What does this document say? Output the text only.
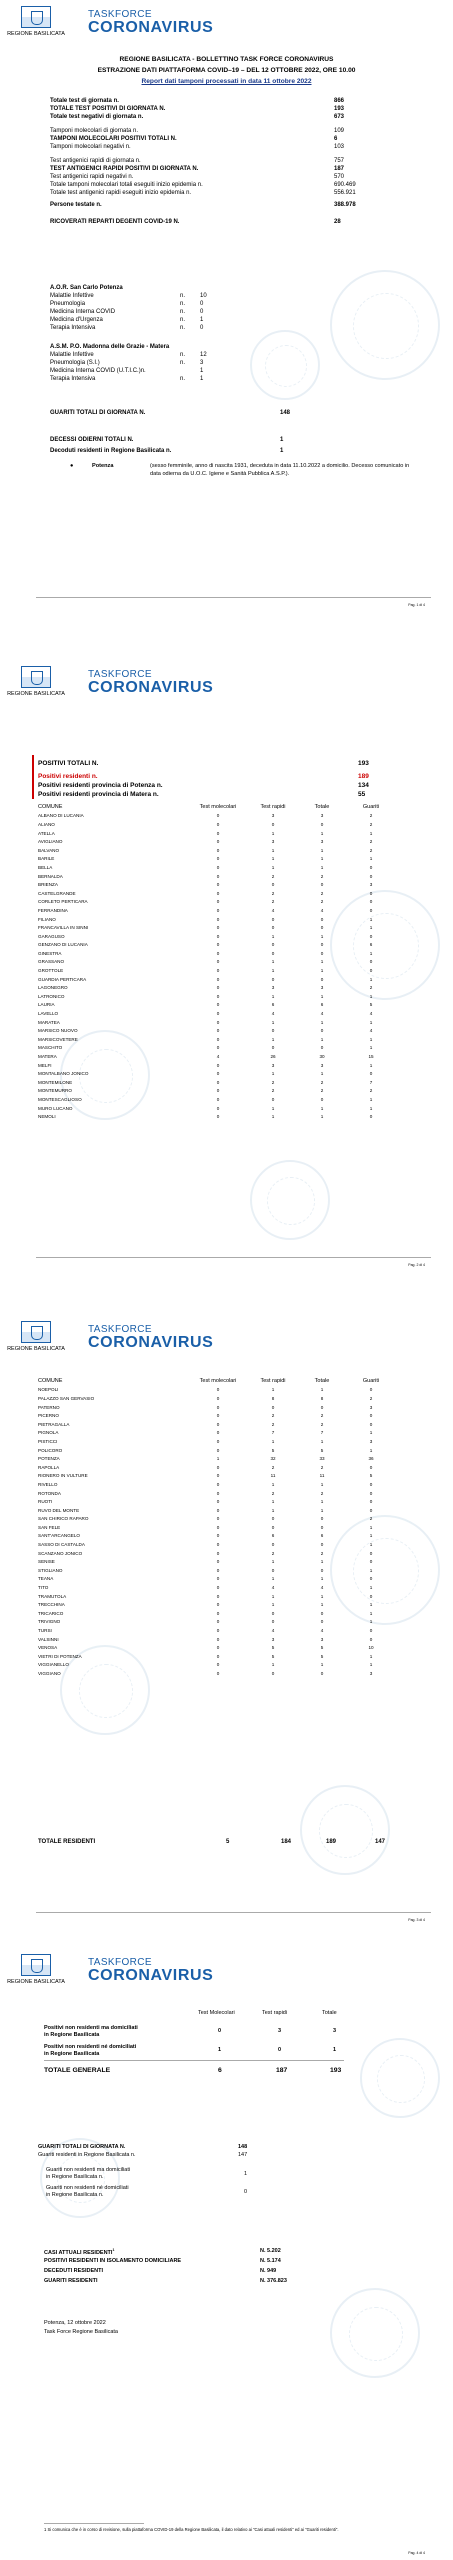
REGIONE BASILICATA
TASKFORCE
CORONAVIRUS
REGIONE BASILICATA - BOLLETTINO TASK FORCE CORONAVIRUS
ESTRAZIONE DATI PIATTAFORMA COVID–19 – DEL 12 OTTOBRE 2022, ORE 10.00
Report dati tamponi processati in data 11 ottobre 2022
Totale test di giornata n.	866
TOTALE TEST POSITIVI DI GIORNATA N.	193
Totale test negativi di giornata n.	673
Tamponi molecolari di giornata n.	109
TAMPONI MOLECOLARI POSITIVI TOTALI N.	6
Tamponi molecolari negativi n.	103
Test antigenici rapidi di giornata n.	757
TEST ANTIGENICI RAPIDI POSITIVI DI GIORNATA N.	187
Test antigenici rapidi negativi n.	570
Totale tamponi molecolari totali eseguiti inizio epidemia n.	690.469
Totale test antigenici rapidi eseguiti inizio epidemia n.	556.921
Persone testate n.	388.978
RICOVERATI REPARTI DEGENTI COVID-19 N.	28
A.O.R. San Carlo Potenza
Malattie Infettive	n. 10
Pneumologia	n. 0
Medicina Interna COVID	n. 0
Medicina d'Urgenza	n. 1
Terapia Intensiva	n. 0
A.S.M. P.O. Madonna delle Grazie - Matera
Malattie Infettive	n. 12
Pneumologia (S.I.)	n. 3
Medicina Interna COVID (U.T.I.C.)n.	1
Terapia Intensiva	n. 1
GUARITI TOTALI DI GIORNATA N.	148
DECESSI ODIERNI TOTALI N.	1
Decoduti residenti in Regione Basilicata n.	1
●	Potenza	(sesso femminile, anno di nascita 1931, deceduta in data 11.10.2022 a domicilio. Decesso comunicato in data odierna da U.O.C. Igiene e Sanità Pubblica A.S.P.).
Pag. 1 di 4
REGIONE BASILICATA
TASKFORCE
CORONAVIRUS
POSITIVI TOTALI N.	193
Positivi residenti n.	189
Positivi residenti provincia di Potenza n.	134
Positivi residenti provincia di Matera n.	55
COMUNE	Test molecolari	Test rapidi	Totale	Guariti
ALBANO DI LUCANIA	0	3	3	2
ALIANO	0	0	0	2
ATELLA	0	1	1	1
AVIGLIANO	0	3	3	2
BALVANO	0	1	1	2
BARILE	0	1	1	1
BELLA	0	1	1	0
BERNALDA	0	2	2	0
BRIENZA	0	0	0	3
CASTELGRANDE	0	2	2	0
CORLETO PERTICARA	0	2	2	0
FERRANDINA	0	4	4	0
FILIANO	0	0	0	1
FRANCAVILLA IN SINNI	0	0	0	1
GARAGUSO	0	1	1	0
GENZANO DI LUCANIA	0	0	0	6
GINESTRA	0	0	0	1
GRASSANO	0	1	1	0
GROTTOLE	0	1	1	0
GUARDIA PERTICARA	0	0	0	1
LAGONEGRO	0	3	3	2
LATRONICO	0	1	1	1
LAURIA	0	6	6	5
LAVELLO	0	4	4	4
MARATEA	0	1	1	1
MARSICO NUOVO	0	0	0	4
MARSICOVETERE	0	1	1	1
MASCHITO	0	0	0	1
MATERA	4	26	30	15
MELFI	0	3	3	1
MONTALBANO JONICO	0	1	1	0
MONTEMILONE	0	2	2	7
MONTEMURRO	0	2	2	2
MONTESCAGLIOSO	0	0	0	1
MURO LUCANO	0	1	1	1
NEMOLI	0	1	1	0
Pag. 2 di 4
REGIONE BASILICATA
TASKFORCE
CORONAVIRUS
COMUNE	Test molecolari	Test rapidi	Totale	Guariti
NOEPOLI	0	1	1	0
PALAZZO SAN GERVASIO	0	8	8	2
PATERNO	0	0	0	3
PICERNO	0	2	2	0
PIETRAGALLA	0	2	2	0
PIGNOLA	0	7	7	1
PISTICCI	0	1	1	3
POLICORO	0	5	5	1
POTENZA	1	32	33	36
RAPOLLA	0	2	2	0
RIONERO IN VULTURE	0	11	11	5
RIVELLO	0	1	1	0
ROTONDA	0	2	2	0
RUOTI	0	1	1	0
RUVO DEL MONTE	0	1	1	0
SAN CHIRICO RAPARO	0	0	0	2
SAN FELE	0	0	0	1
SANT'ARCANGELO	0	6	6	1
SASSO DI CASTALDA	0	0	0	1
SCANZANO JONICO	0	2	2	0
SENISE	0	1	1	0
STIGLIANO	0	0	0	1
TEANA	0	1	1	0
TITO	0	4	4	1
TRAMUTOLA	0	1	1	0
TRECCHINA	0	1	1	1
TRICARICO	0	0	0	1
TRIVIGNO	0	0	0	1
TURSI	0	4	4	0
VALSINNI	0	3	3	0
VENOSA	0	5	5	10
VIETRI DI POTENZA	0	5	5	1
VIGGIANELLO	0	1	1	1
VIGGIANO	0	0	0	3
TOTALE RESIDENTI	5	184	189	147
Pag. 3 di 4
REGIONE BASILICATA
TASKFORCE
CORONAVIRUS
Test Molecolari	Test rapidi	Totale
Positivi non residenti ma domiciliati
in Regione Basilicata
0	3	3
Positivi non residenti né domiciliati
in Regione Basilicata
1	0	1
TOTALE GENERALE	6	187	193
GUARITI TOTALI DI GIORNATA N.	148
Guariti residenti in Regione Basilicata n.	147
Guariti non residenti ma domiciliati
in Regione Basilicata n.	1
Guariti non residenti né domiciliati
in Regione Basilicata n.	0
CASI ATTUALI RESIDENTI$^1$	N. 5.202
POSITIVI RESIDENTI IN ISOLAMENTO DOMICILIARE	N. 5.174
DECEDUTI RESIDENTI	N. 949
GUARITI RESIDENTI	N. 376.823
Potenza, 12 ottobre 2022
Task Force Regione Basilicata
1 Si comunica che è in corso di revisione, sulla piattaforma COVID-19 della Regione Basilicata, il dato relativo ai "Casi attuali residenti" ed ai "Guariti residenti".
Pag. 4 di 4
